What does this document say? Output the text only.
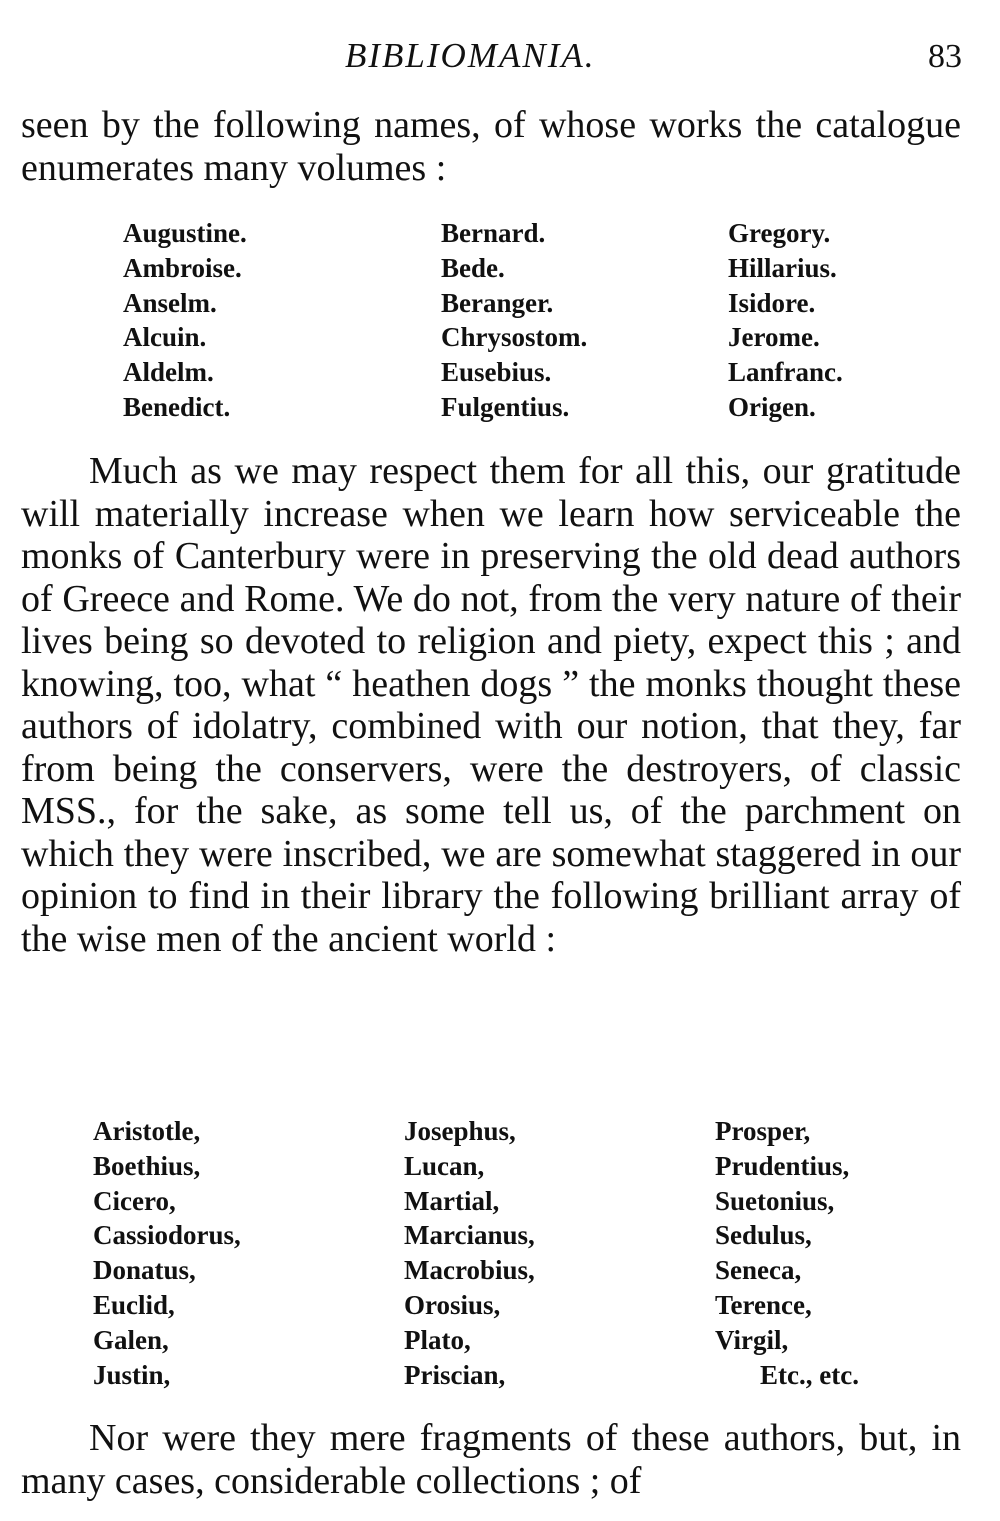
BIBLIOMANIA.	83

seen by the following names, of whose works the catalogue enumerates many volumes :

Augustine.
Ambroise.
Anselm.
Alcuin.
Aldelm.
Benedict.
Bernard.
Bede.
Beranger.
Chrysostom.
Eusebius.
Fulgentius.
Gregory.
Hillarius.
Isidore.
Jerome.
Lanfranc.
Origen.

Much as we may respect them for all this, our gratitude will materially increase when we learn how serviceable the monks of Canterbury were in preserving the old dead authors of Greece and Rome. We do not, from the very nature of their lives being so devoted to religion and piety, expect this ; and knowing, too, what “ heathen dogs ” the monks thought these authors of idolatry, combined with our notion, that they, far from being the conservers, were the destroyers, of classic MSS., for the sake, as some tell us, of the parchment on which they were inscribed, we are somewhat staggered in our opinion to find in their library the following brilliant array of the wise men of the ancient world :

Aristotle,
Boethius,
Cicero,
Cassiodorus,
Donatus,
Euclid,
Galen,
Justin,
Josephus,
Lucan,
Martial,
Marcianus,
Macrobius,
Orosius,
Plato,
Priscian,
Prosper,
Prudentius,
Suetonius,
Sedulus,
Seneca,
Terence,
Virgil,
Etc., etc.

Nor were they mere fragments of these authors, but, in many cases, considerable collections ; of
